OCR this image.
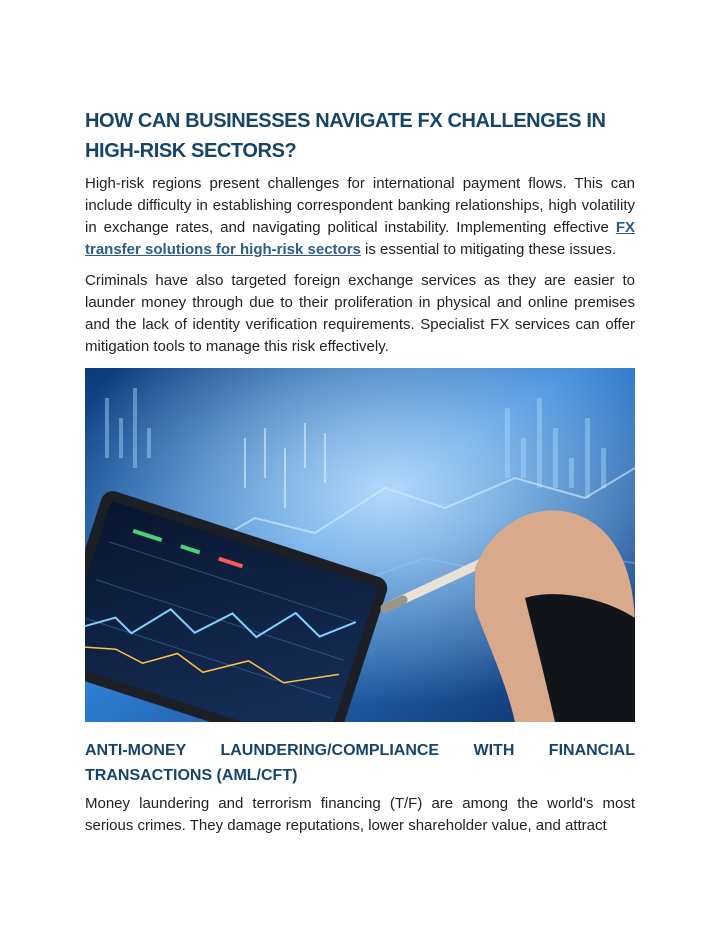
HOW CAN BUSINESSES NAVIGATE FX CHALLENGES IN HIGH-RISK SECTORS?

High-risk regions present challenges for international payment flows. This can include difficulty in establishing correspondent banking relationships, high volatility in exchange rates, and navigating political instability. Implementing effective FX transfer solutions for high-risk sectors is essential to mitigating these issues.

Criminals have also targeted foreign exchange services as they are easier to launder money through due to their proliferation in physical and online premises and the lack of identity verification requirements. Specialist FX services can offer mitigation tools to manage this risk effectively.

ANTI-MONEY LAUNDERING/COMPLIANCE WITH FINANCIAL TRANSACTIONS (AML/CFT)

Money laundering and terrorism financing (T/F) are among the world's most serious crimes. They damage reputations, lower shareholder value, and attract
